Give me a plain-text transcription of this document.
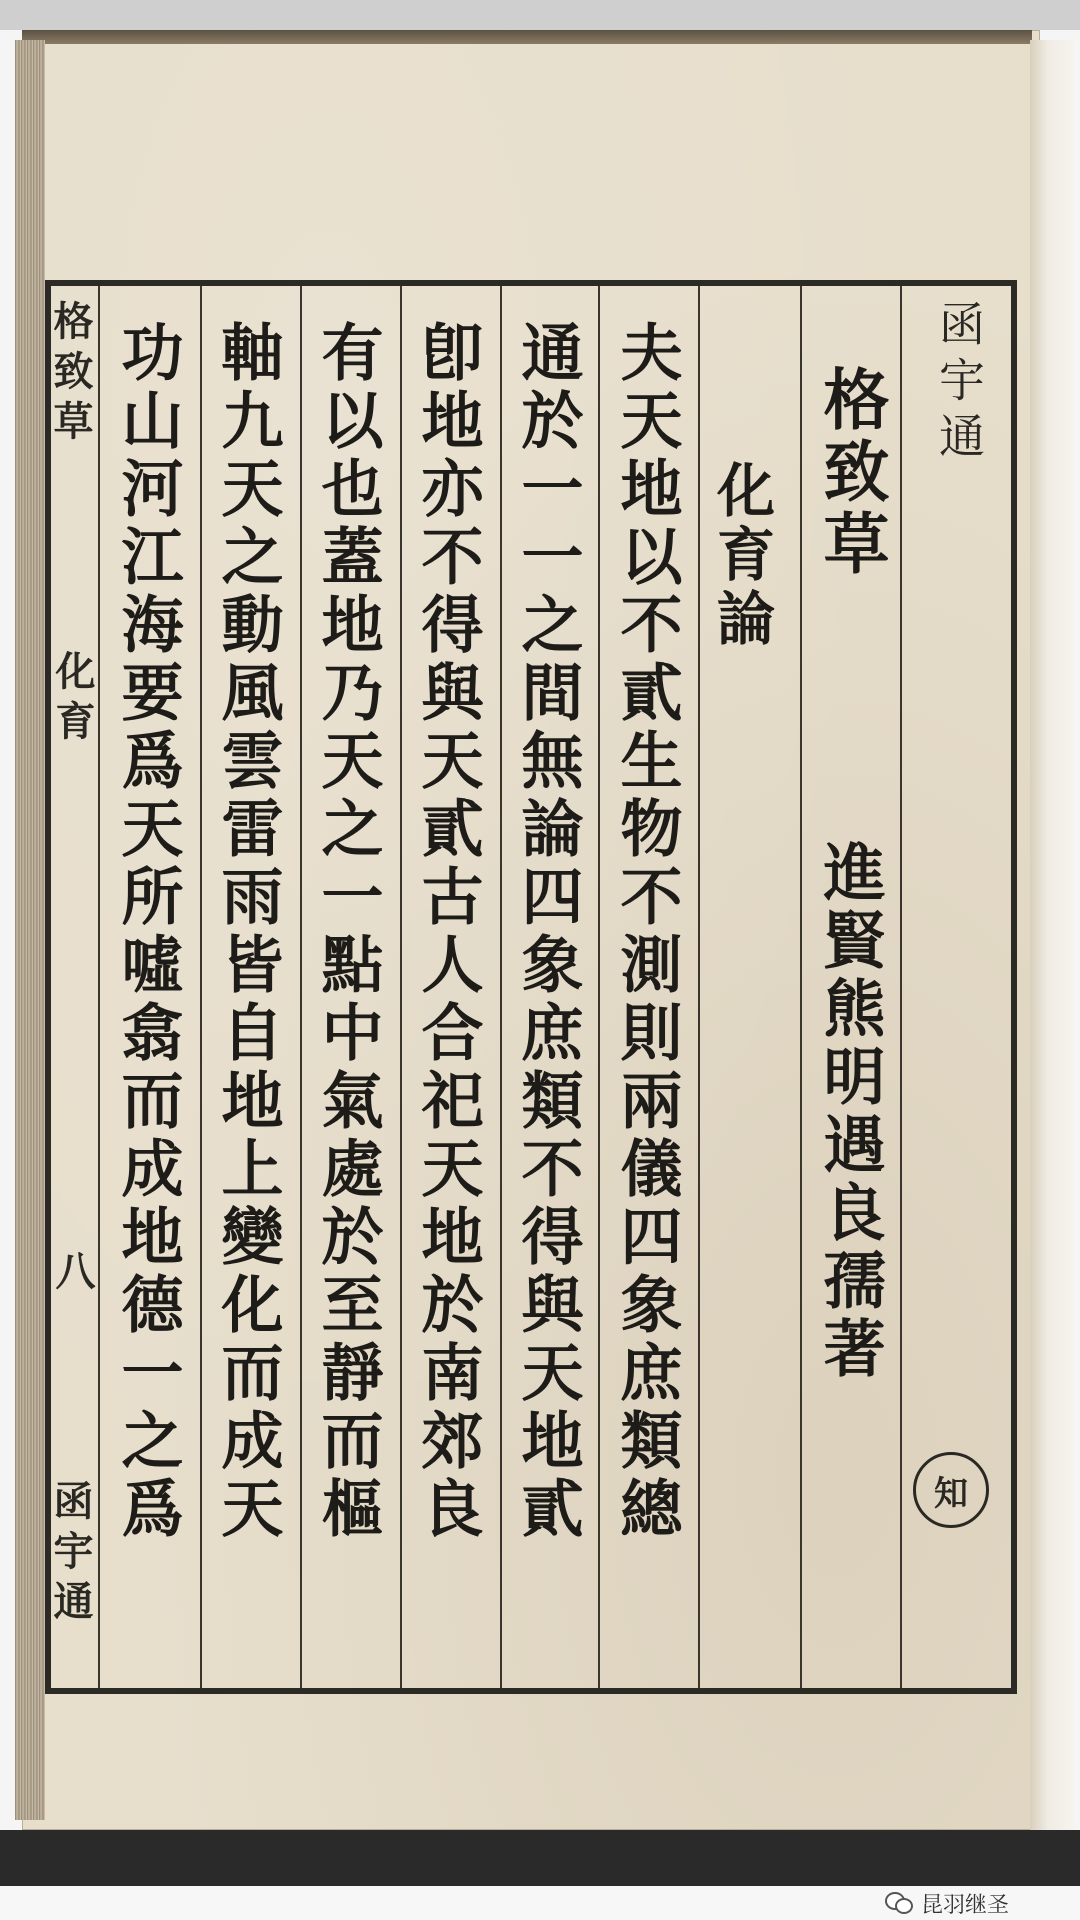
格致草
化育
八
函宇通
函宇通
格致草
進賢熊明遇良孺著
化育論
夫天地以不貳生物不測則兩儀四象庶類總
通於一一之間無論四象庶類不得與天地貳
卽地亦不得與天貳古人合祀天地於南郊良
有以也蓋地乃天之一點中氣處於至靜而樞
軸九天之動風雲雷雨皆自地上變化而成天
功山河江海要爲天所噓翕而成地德一之爲	知
昆羽继圣
